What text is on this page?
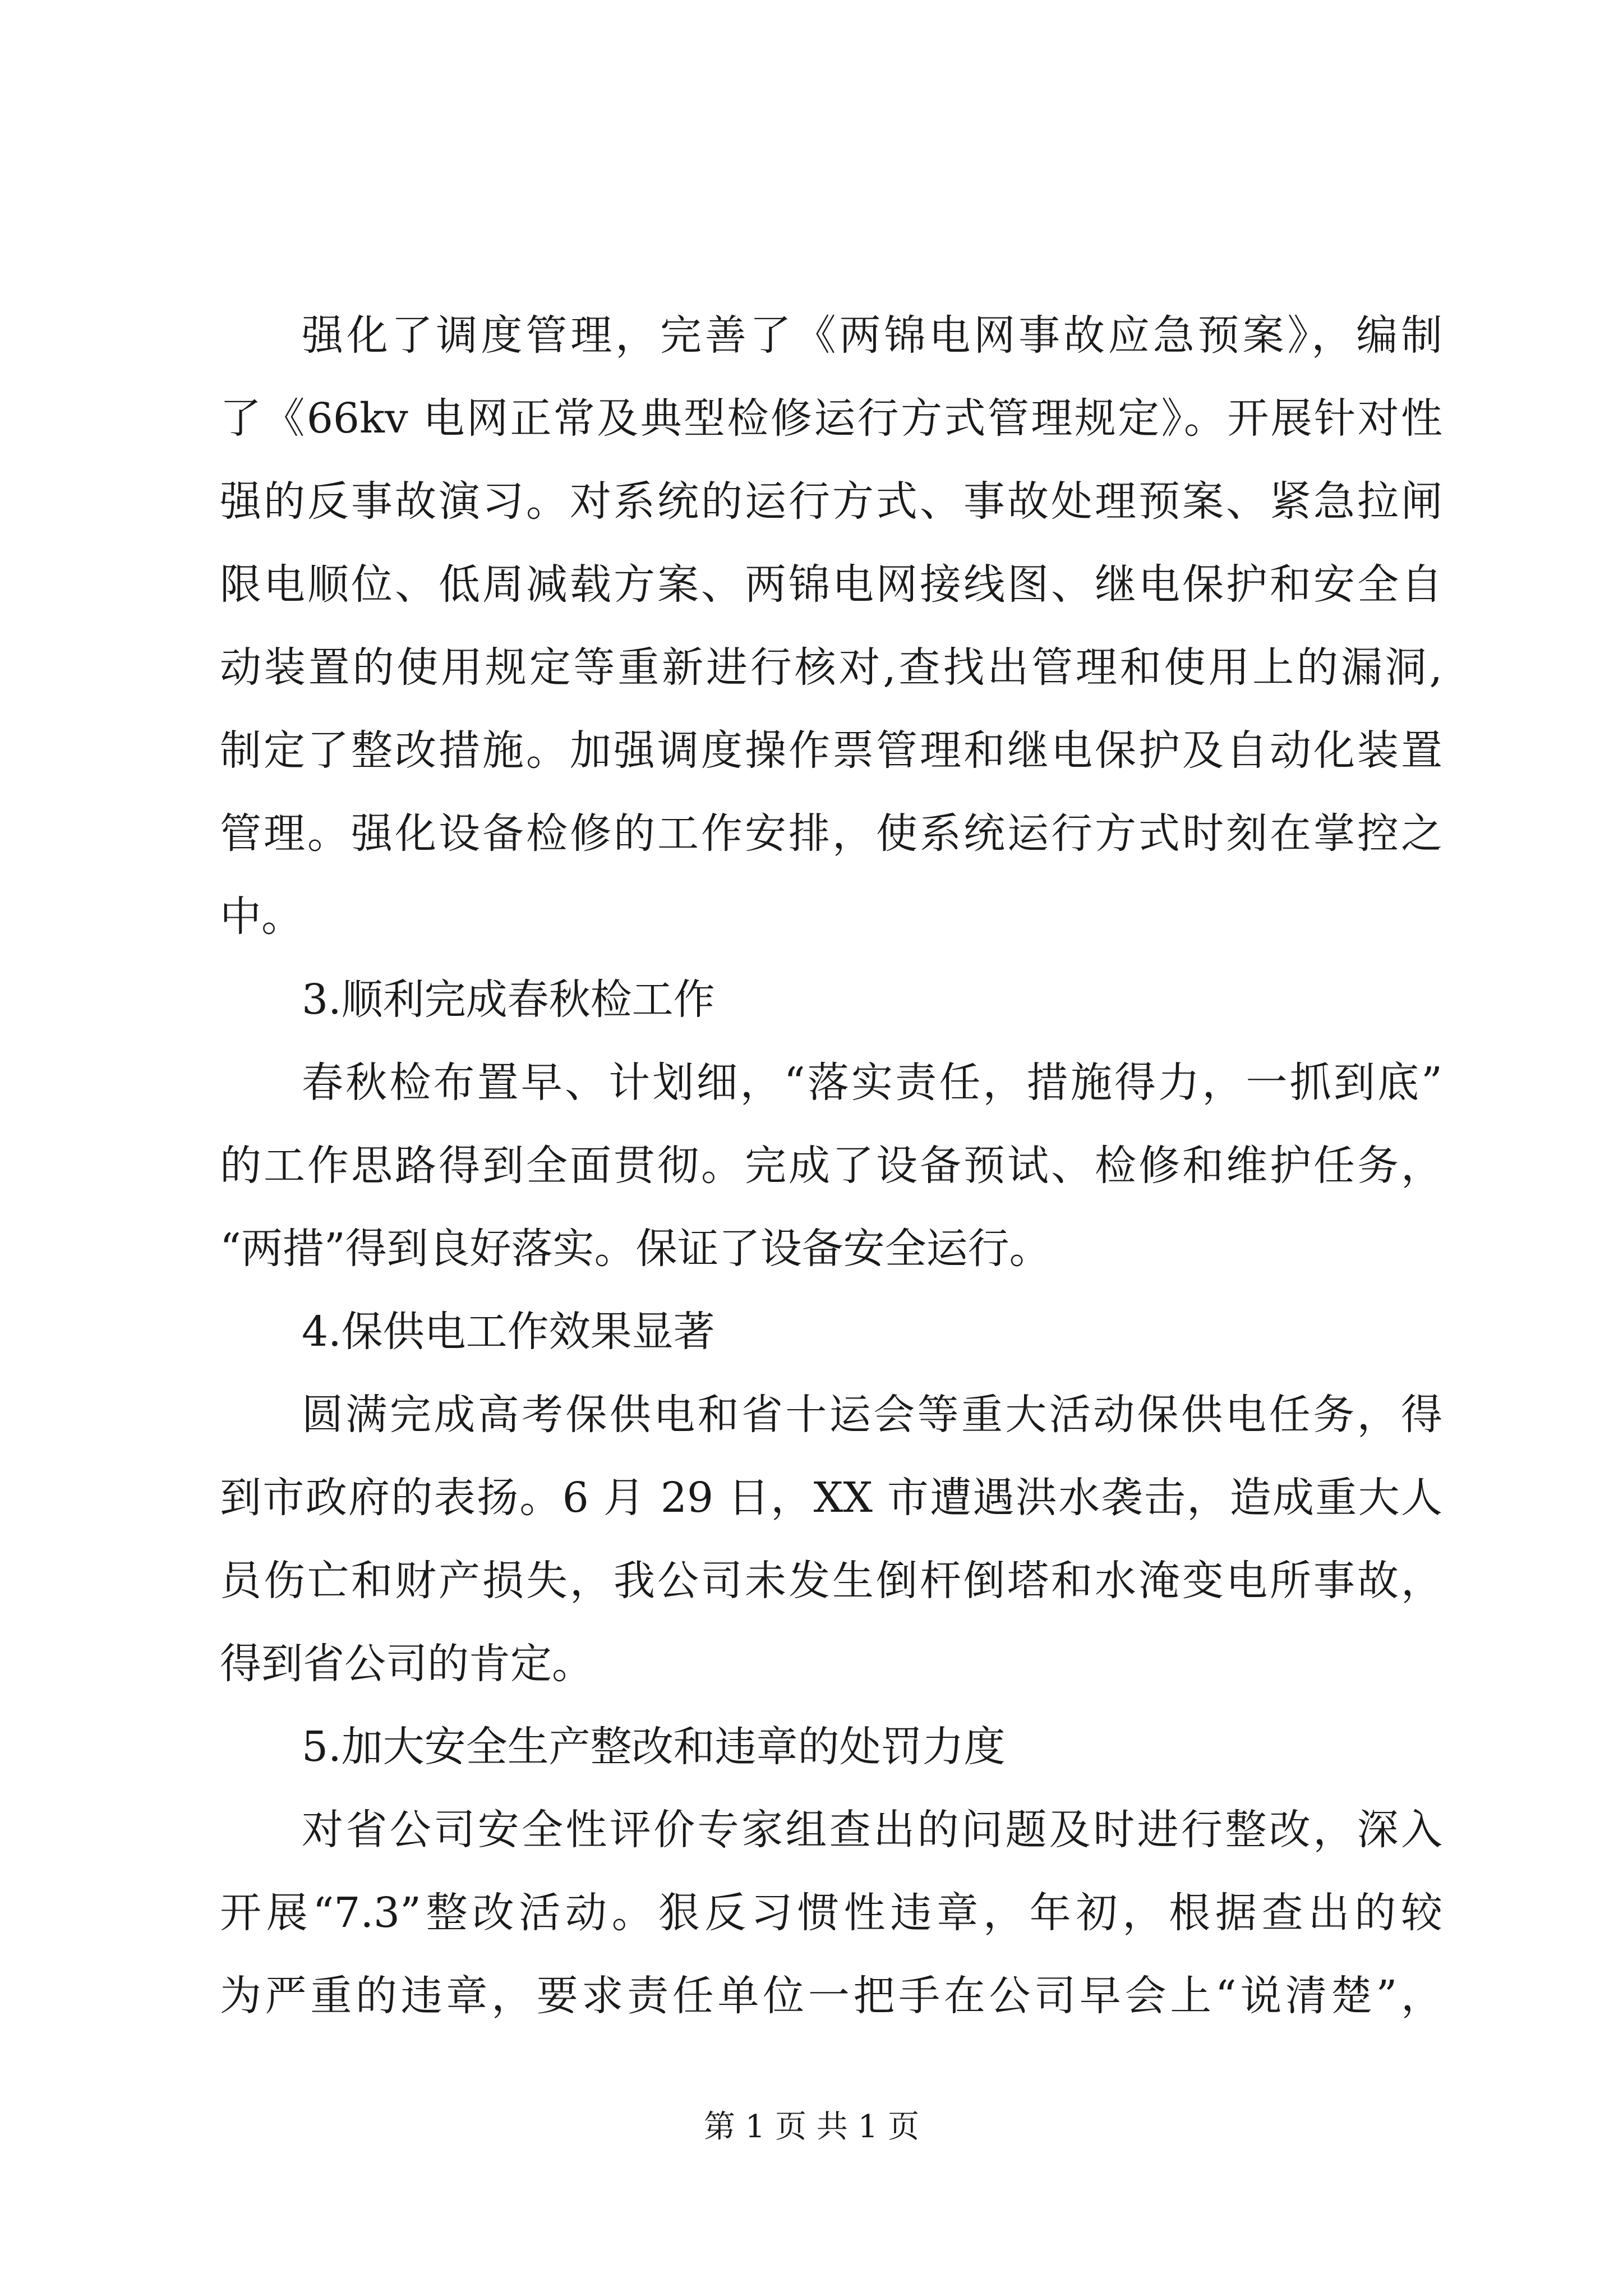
强化了调度管理，完善了《两锦电网事故应急预案》，编制
了《66kv 电网正常及典型检修运行方式管理规定》。开展针对性
强的反事故演习。对系统的运行方式、事故处理预案、紧急拉闸
限电顺位、低周减载方案、两锦电网接线图、继电保护和安全自
动装置的使用规定等重新进行核对,查找出管理和使用上的漏洞,
制定了整改措施。加强调度操作票管理和继电保护及自动化装置
管理。强化设备检修的工作安排，使系统运行方式时刻在掌控之
中。
3.顺利完成春秋检工作
春秋检布置早、计划细，“落实责任，措施得力，一抓到底”
的工作思路得到全面贯彻。完成了设备预试、检修和维护任务，
“两措”得到良好落实。保证了设备安全运行。
4.保供电工作效果显著
圆满完成高考保供电和省十运会等重大活动保供电任务，得
到市政府的表扬。6 月 29 日，XX 市遭遇洪水袭击，造成重大人
员伤亡和财产损失，我公司未发生倒杆倒塔和水淹变电所事故，
得到省公司的肯定。
5.加大安全生产整改和违章的处罚力度
对省公司安全性评价专家组查出的问题及时进行整改，深入
开展“7.3”整改活动。狠反习惯性违章，年初，根据查出的较
为严重的违章，要求责任单位一把手在公司早会上“说清楚”，
第 1 页 共 1 页
